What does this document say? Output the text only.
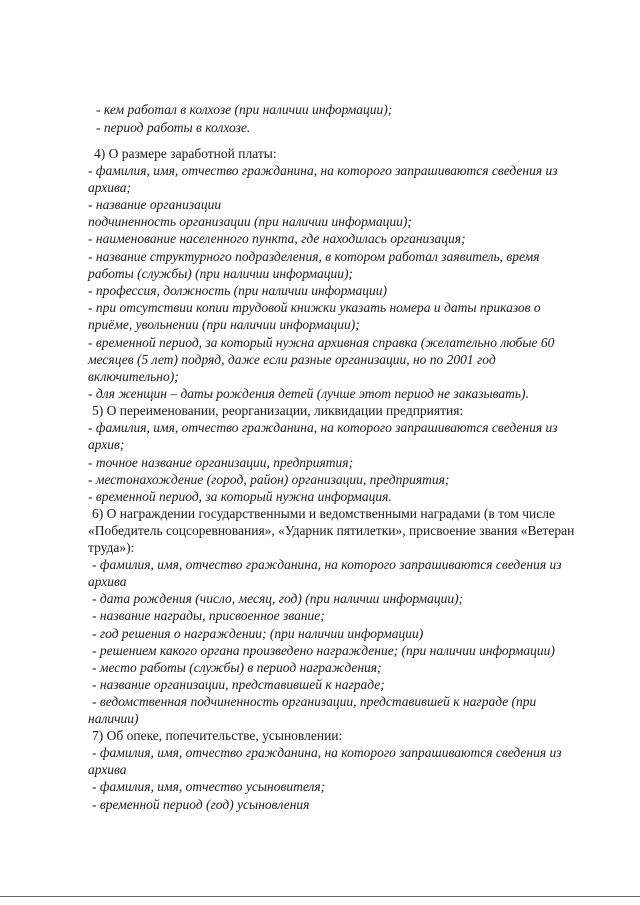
- кем работал в колхозе (при наличии информации);
- период работы в колхозе.
4) О размере заработной платы:
- фамилия, имя, отчество гражданина, на которого запрашиваются сведения из
архива;
- название организации
подчиненность организации (при наличии информации);
- наименование населенного пункта, где находилась организация;
- название структурного подразделения, в котором работал заявитель, время
работы (службы) (при наличии информации);
- профессия, должность (при наличии информации)
- при отсутствии копии трудовой книжки указать номера и даты приказов о
приёме, увольнении (при наличии информации);
- временной период, за который нужна архивная справка (желательно любые 60
месяцев (5 лет) подряд, даже если разные организации, но по 2001 год
включительно);
- для женщин – даты рождения детей (лучше этот период не заказывать).
5) О переименовании, реорганизации, ликвидации предприятия:
- фамилия, имя, отчество гражданина, на которого запрашиваются сведения из
архив;
- точное название организации, предприятия;
- местонахождение (город, район) организации, предприятия;
- временной период, за который нужна информация.
6) О награждении государственными и ведомственными наградами (в том числе
«Победитель соцсоревнования», «Ударник пятилетки», присвоение звания «Ветеран
труда»):
- фамилия, имя, отчество гражданина, на которого запрашиваются сведения из
архива
- дата рождения (число, месяц, год) (при наличии информации);
- название награды, присвоенное звание;
- год решения о награждении; (при наличии информации)
- решением какого органа произведено награждение; (при наличии информации)
- место работы (службы) в период награждения;
- название организации, представившей к награде;
- ведомственная подчиненность организации, представившей к награде (при
наличии)
7) Об опеке, попечительстве, усыновлении:
- фамилия, имя, отчество гражданина, на которого запрашиваются сведения из
архива
- фамилия, имя, отчество усыновителя;
- временной период (год) усыновления
